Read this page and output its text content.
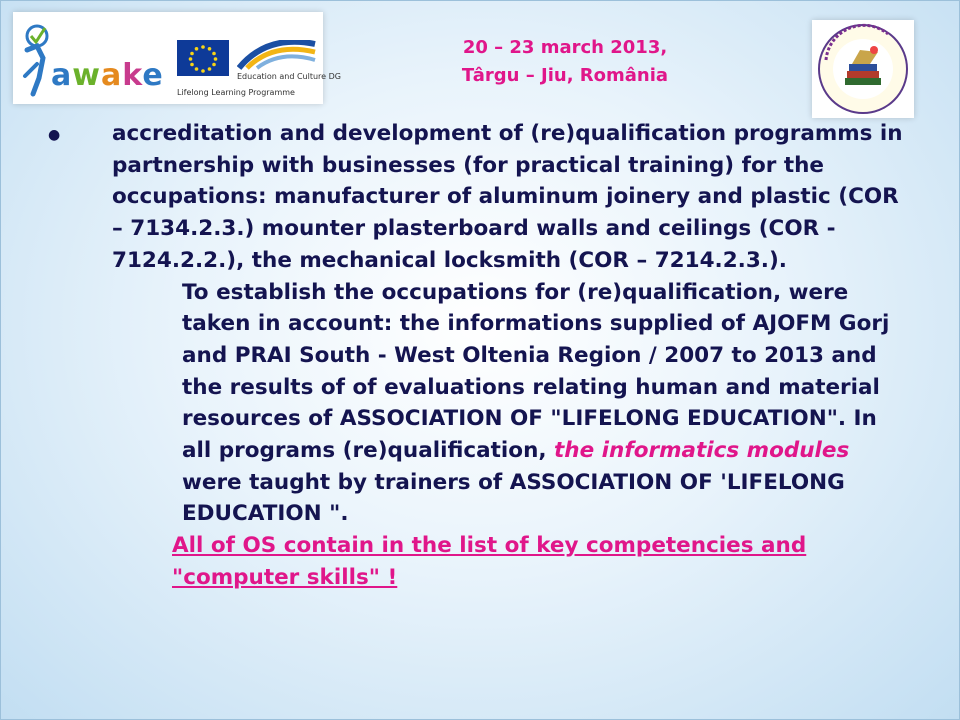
awake	Education and Culture DG
Lifelong Learning Programme

20 – 23 march 2013,
Târgu – Jiu, România

● accreditation and development of (re)qualification programms in partnership with businesses (for practical training) for the occupations: manufacturer of aluminum joinery and plastic (COR – 7134.2.3.) mounter plasterboard walls and ceilings (COR - 7124.2.2.), the mechanical locksmith (COR – 7214.2.3.).

To establish the occupations for (re)qualification, were taken in account: the informations supplied of AJOFM Gorj and PRAI South - West Oltenia Region / 2007 to 2013 and the results of of evaluations relating human and material resources of ASSOCIATION OF "LIFELONG EDUCATION". In all programs (re)qualification, the informatics modules were taught by trainers of ASSOCIATION OF 'LIFELONG EDUCATION ".

All of OS contain in the list of key competencies and "computer skills" !
